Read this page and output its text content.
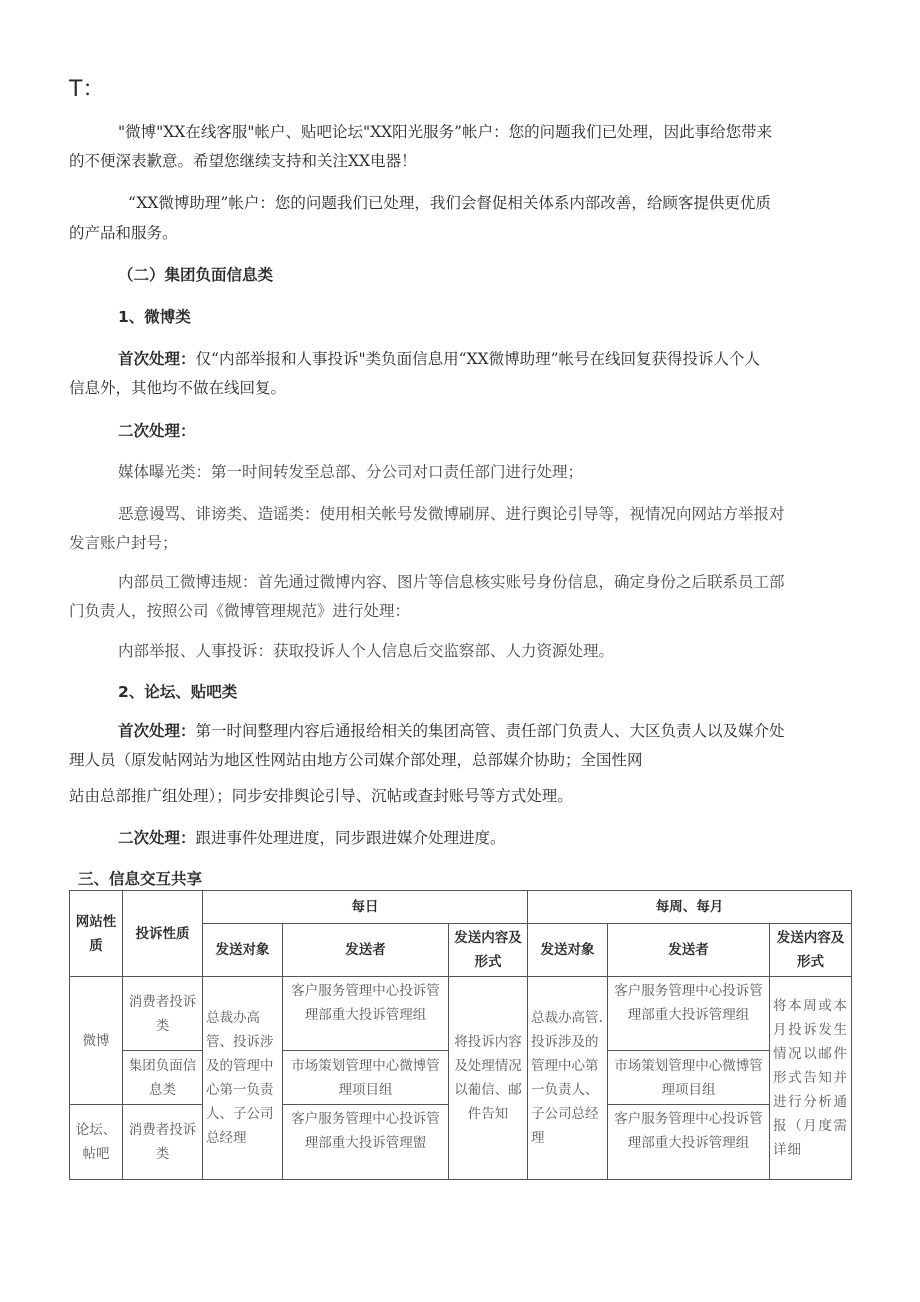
T：

"微博"XX在线客服"帐户、贴吧论坛"XX阳光服务”帐户：您的问题我们已处理，因此事给您带来

的不便深表歉意。希望您继续支持和关注XX电器！

“XX微博助理”帐户：您的问题我们已处理，我们会督促相关体系内部改善，给顾客提供更优质

的产品和服务。

（二）集团负面信息类

1、微博类

首次处理：仅“内部举报和人事投诉"类负面信息用“XX微博助理”帐号在线回复获得投诉人个人

信息外，其他均不做在线回复。

二次处理：

媒体曝光类：第一时间转发至总部、分公司对口责任部门进行处理；

恶意谩骂、诽谤类、造谣类：使用相关帐号发微博刷屏、进行舆论引导等，视情况向网站方举报对

发言账户封号；

内部员工微博违规：首先通过微博内容、图片等信息核实账号身份信息，确定身份之后联系员工部

门负责人，按照公司《微博管理规范》进行处理：

内部举报、人事投诉：获取投诉人个人信息后交监察部、人力资源处理。

2、论坛、贴吧类

首次处理：第一时间整理内容后通报给相关的集团高管、责任部门负责人、大区负责人以及媒介处

理人员（原发帖网站为地区性网站由地方公司媒介部处理，总部媒介协助；全国性网

站由总部推广组处理）；同步安排舆论引导、沉帖或查封账号等方式处理。

二次处理：跟进事件处理进度，同步跟进媒介处理进度。

三、信息交互共享

网站性质	投诉性质	每日			每周、每月		
		发送对象	发送者	发送内容及形式	发送对象	发送者	发送内容及形式

微博	消费者投诉类	总裁办高管、投诉涉及的管理中心第一负责人、子公司总经理	客户服务管理中心投诉管理部重大投诉管理组	将投诉内容及处理情况以葡信、邮件告知	总裁办高管.投诉涉及的管理中心第一负责人、子公司总经理	客户服务管理中心投诉管理部重大投诉管理组	将本周或本月投诉发生情况以邮件形式告知并进行分析通报（月度需详细

	集团负面信息类		市场策划管理中心微博管理项目组			市场策划管理中心微博管理项目组	

论坛、帖吧	消费者投诉类		客户服务管理中心投诉管理部重大投诉管理盥			客户服务管理中心投诉管理部重大投诉管理组	
